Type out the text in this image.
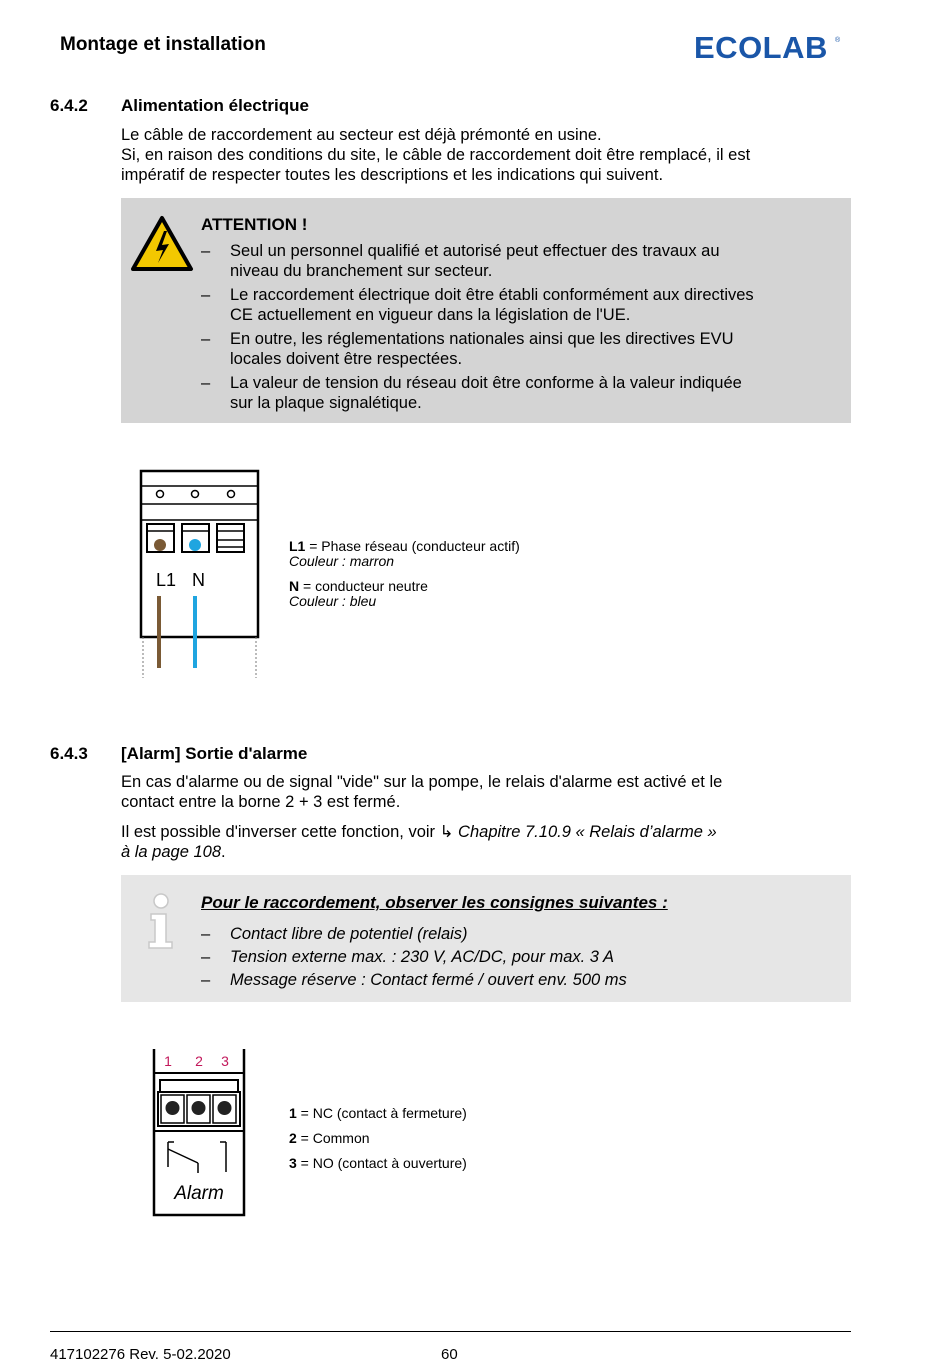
Montage et installation	ECOLAB ®
6.4.2 Alimentation électrique
Le câble de raccordement au secteur est déjà prémonté en usine.
Si, en raison des conditions du site, le câble de raccordement doit être remplacé, il est
impératif de respecter toutes les descriptions et les indications qui suivent.
ATTENTION !
– Seul un personnel qualifié et autorisé peut effectuer des travaux au
niveau du branchement sur secteur.
– Le raccordement électrique doit être établi conformément aux directives
CE actuellement en vigueur dans la législation de l'UE.
– En outre, les réglementations nationales ainsi que les directives EVU
locales doivent être respectées.
– La valeur de tension du réseau doit être conforme à la valeur indiquée
sur la plaque signalétique.
L1 N
L1 = Phase réseau (conducteur actif)
Couleur : marron
N = conducteur neutre
Couleur : bleu
6.4.3 [Alarm] Sortie d'alarme
En cas d'alarme ou de signal "vide" sur la pompe, le relais d'alarme est activé et le
contact entre la borne 2 + 3 est fermé.
Il est possible d'inverser cette fonction, voir ↳ Chapitre 7.10.9 « Relais d’alarme »
à la page 108.
Pour le raccordement, observer les consignes suivantes :
– Contact libre de potentiel (relais)
– Tension externe max. : 230 V, AC/DC, pour max. 3 A
– Message réserve : Contact fermé / ouvert env. 500 ms
1 2 3
Alarm
1 = NC (contact à fermeture)
2 = Common
3 = NO (contact à ouverture)
417102276 Rev. 5-02.2020	60
